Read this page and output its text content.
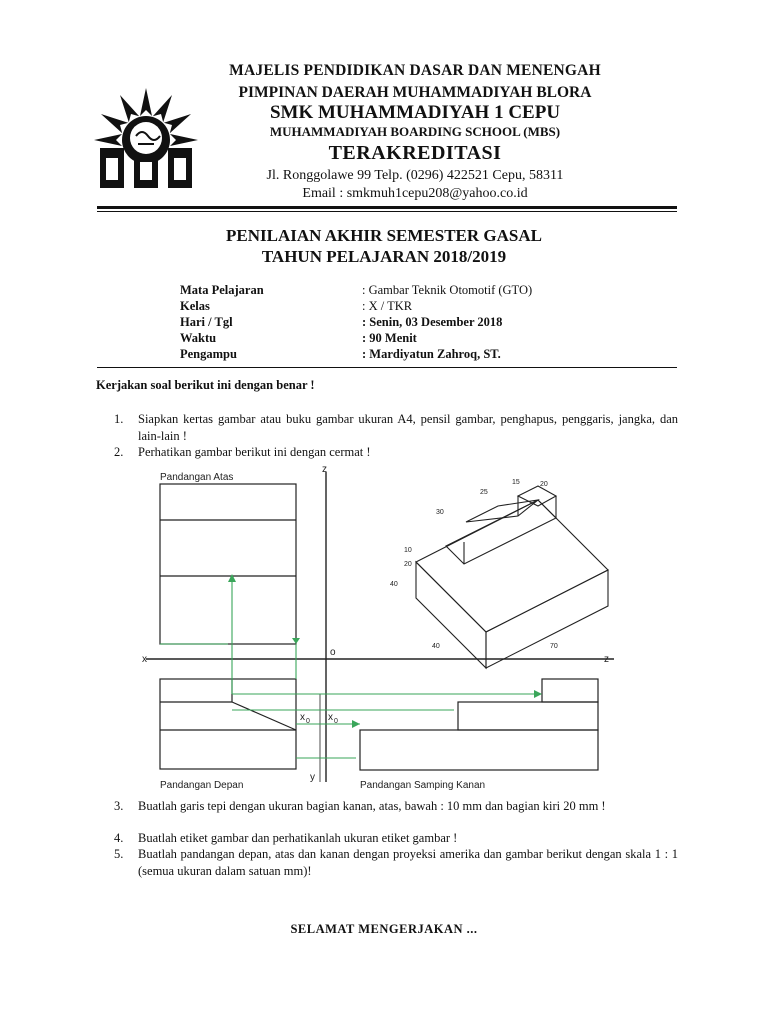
MAJELIS PENDIDIKAN DASAR DAN MENENGAH
PIMPINAN DAERAH MUHAMMADIYAH BLORA
SMK MUHAMMADIYAH 1 CEPU
MUHAMMADIYAH BOARDING SCHOOL (MBS)
TERAKREDITASI
Jl. Ronggolawe 99 Telp. (0296) 422521 Cepu, 58311
Email : smkmuh1cepu208@yahoo.co.id
PENILAIAN AKHIR SEMESTER GASAL
TAHUN PELAJARAN 2018/2019
Mata Pelajaran	: Gambar Teknik Otomotif (GTO)
Kelas	: X / TKR
Hari / Tgl	: Senin, 03 Desember 2018
Waktu	: 90 Menit
Pengampu	: Mardiyatun Zahroq, ST.
Kerjakan soal berikut ini dengan benar !
1.	Siapkan kertas gambar atau buku gambar ukuran A4, pensil gambar, penghapus, penggaris, jangka, dan lain-lain !
2.	Perhatikan gambar berikut ini dengan cermat !
Pandangan Atas
Pandangan Depan	Pandangan Samping Kanan
x
z
z
y
o
x 0 x 0
30
25
15	20
40
20
10
40	70
3.	Buatlah garis tepi dengan ukuran bagian kanan, atas, bawah : 10 mm dan bagian kiri 20 mm !
4.	Buatlah etiket gambar dan perhatikanlah ukuran etiket gambar !
5.	Buatlah pandangan depan, atas dan kanan dengan proyeksi amerika dan gambar berikut dengan skala 1 : 1 (semua ukuran dalam satuan mm)!
SELAMAT MENGERJAKAN ...
